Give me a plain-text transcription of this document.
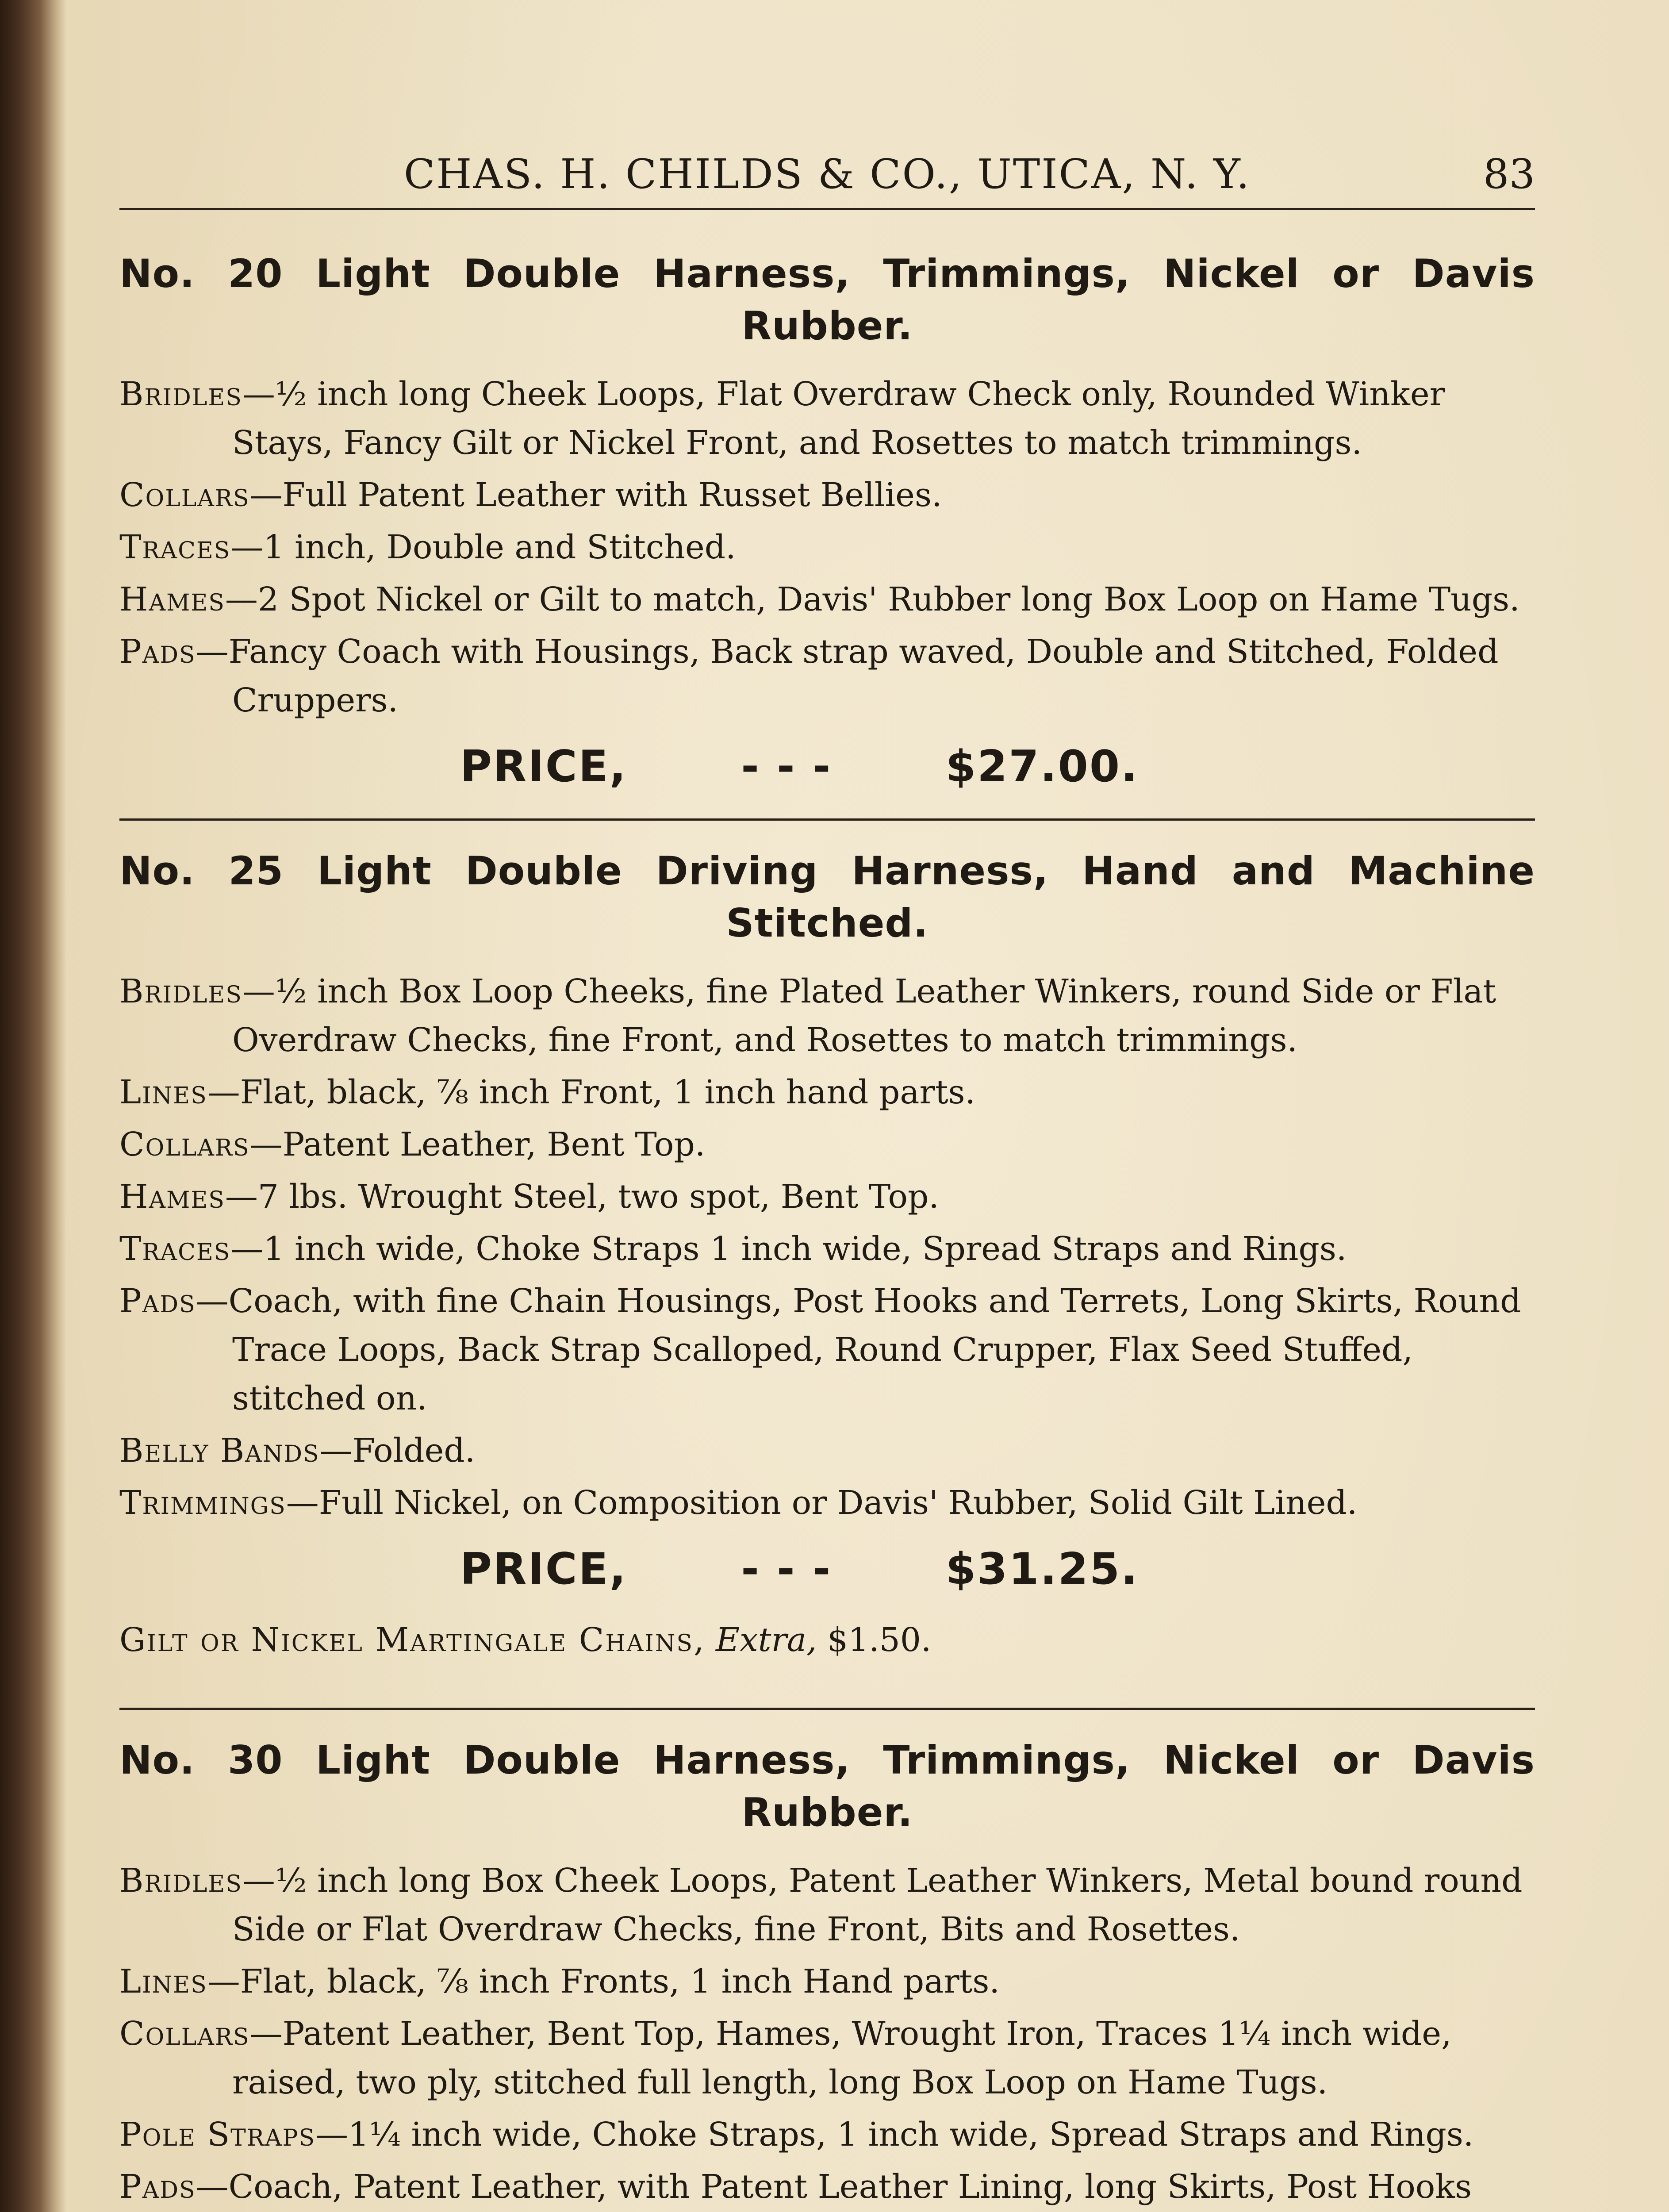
CHAS. H. CHILDS & CO., UTICA, N. Y.	83
No. 20 Light Double Harness, Trimmings, Nickel or Davis Rubber.

Bridles—½ inch long Cheek Loops, Flat Overdraw Check only, Rounded Winker Stays, Fancy Gilt or Nickel Front, and Rosettes to match trimmings.

Collars—Full Patent Leather with Russet Bellies.

Traces—1 inch, Double and Stitched.

Hames—2 Spot Nickel or Gilt to match, Davis' Rubber long Box Loop on Hame Tugs.

Pads—Fancy Coach with Housings, Back strap waved, Double and Stitched, Folded Cruppers.

PRICE,	- - -	$27.00.
No. 25 Light Double Driving Harness, Hand and Machine Stitched.

Bridles—½ inch Box Loop Cheeks, fine Plated Leather Winkers, round Side or Flat Overdraw Checks, fine Front, and Rosettes to match trimmings.

Lines—Flat, black, ⅞ inch Front, 1 inch hand parts.

Collars—Patent Leather, Bent Top.

Hames—7 lbs. Wrought Steel, two spot, Bent Top.

Traces—1 inch wide, Choke Straps 1 inch wide, Spread Straps and Rings.

Pads—Coach, with fine Chain Housings, Post Hooks and Terrets, Long Skirts, Round Trace Loops, Back Strap Scalloped, Round Crupper, Flax Seed Stuffed, stitched on.

Belly Bands—Folded.

Trimmings—Full Nickel, on Composition or Davis' Rubber, Solid Gilt Lined.

PRICE,	- - -	$31.25.

Gilt or Nickel Martingale Chains, Extra, $1.50.

No. 30 Light Double Harness, Trimmings, Nickel or Davis Rubber.

Bridles—½ inch long Box Cheek Loops, Patent Leather Winkers, Metal bound round Side or Flat Overdraw Checks, fine Front, Bits and Rosettes.

Lines—Flat, black, ⅞ inch Fronts, 1 inch Hand parts.

Collars—Patent Leather, Bent Top, Hames, Wrought Iron, Traces 1¼ inch wide, raised, two ply, stitched full length, long Box Loop on Hame Tugs.

Pole Straps—1¼ inch wide, Choke Straps, 1 inch wide, Spread Straps and Rings.

Pads—Coach, Patent Leather, with Patent Leather Lining, long Skirts, Post Hooks
